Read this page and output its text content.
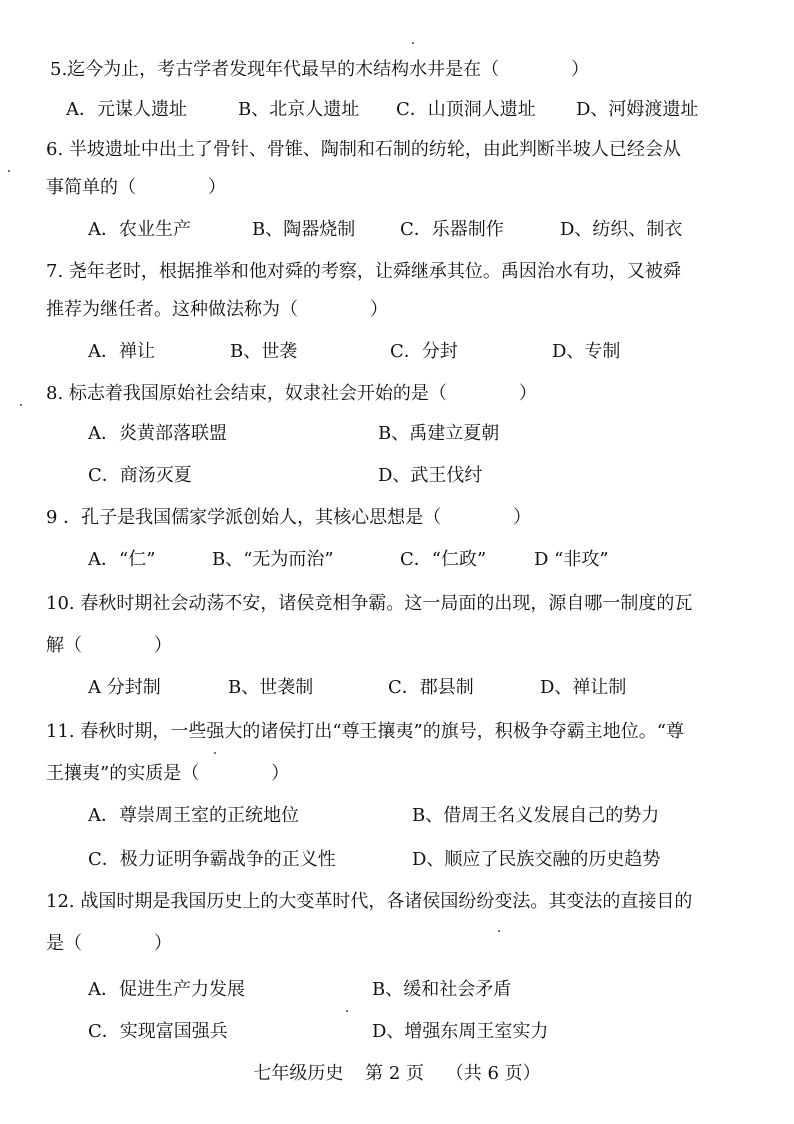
5.迄今为止，考古学者发现年代最早的木结构水井是在（　　　　）
A．元谋人遗址	B、北京人遗址 C．山顶洞人遗址 D、河姆渡遗址
6. 半坡遗址中出土了骨针、骨锥、陶制和石制的纺轮，由此判断半坡人已经会从
事简单的（　　　　）
A．农业生产	B、陶器烧制 C．乐器制作	D、纺织、制衣
7. 尧年老时，根据推举和他对舜的考察，让舜继承其位。禹因治水有功，又被舜
推荐为继任者。这种做法称为（　　　　）
A．禅让	B、世袭	C．分封	D、专制
8. 标志着我国原始社会结束，奴隶社会开始的是（　　　　）
A．炎黄部落联盟	B、禹建立夏朝
C．商汤灭夏	D、武王伐纣
9 ．孔子是我国儒家学派创始人，其核心思想是（　　　　）
A．“仁”	B、“无为而治”	C．“仁政”	D “非攻”
10. 春秋时期社会动荡不安，诸侯竞相争霸。这一局面的出现，源自哪一制度的瓦
解（　　　　）
A 分封制	B、世袭制	C．郡县制	D、禅让制
11. 春秋时期，一些强大的诸侯打出“尊王攘夷”的旗号，积极争夺霸主地位。“尊
王攘夷”的实质是（　　　　）
A．尊崇周王室的正统地位	B、借周王名义发展自己的势力
C．极力证明争霸战争的正义性	D、顺应了民族交融的历史趋势
12. 战国时期是我国历史上的大变革时代，各诸侯国纷纷变法。其变法的直接目的
是（　　　　）
A．促进生产力发展	B、缓和社会矛盾
C．实现富国强兵	D、增强东周王室实力
七年级历史 第 2 页 （共 6 页）
